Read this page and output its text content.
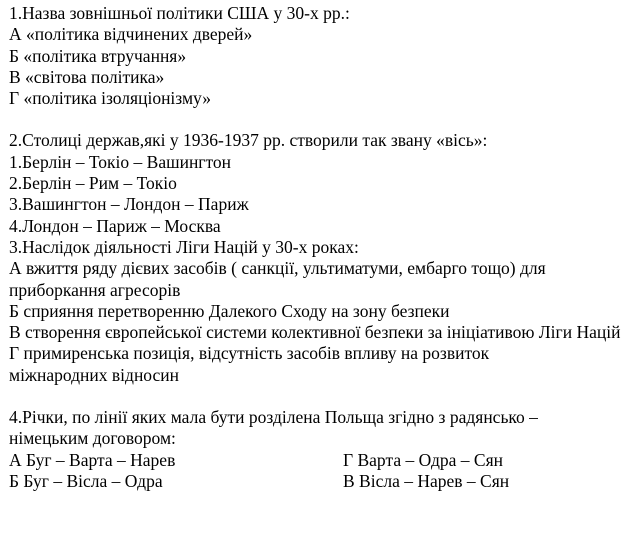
1.Назва зовнішньої політики США у 30-х рр.:
А «політика відчинених дверей»
Б «політика втручання»
В «світова політика»
Г «політика ізоляціонізму»
2.Столиці держав,які у 1936-1937 рр. створили так звану «вісь»:
1.Берлін – Токіо – Вашингтон
2.Берлін – Рим – Токіо
3.Вашингтон – Лондон – Париж
4.Лондон – Париж – Москва
3.Наслідок діяльності Ліги Націй у 30-х роках:
А вжиття ряду дієвих засобів ( санкції, ультиматуми, ембарго тощо) для приборкання агресорів
Б сприяння перетворенню Далекого Сходу на зону безпеки
В створення європейської системи колективної безпеки за ініціативою Ліги Націй
Г примиренська позиція, відсутність засобів впливу на розвиток міжнародних відносин
4.Річки, по лінії яких мала бути розділена Польща згідно з радянсько –німецьким договором:
А Буг – Варта – Нарев	Г Варта – Одра – Сян
Б Буг – Вісла – Одра	В Вісла – Нарев – Сян
